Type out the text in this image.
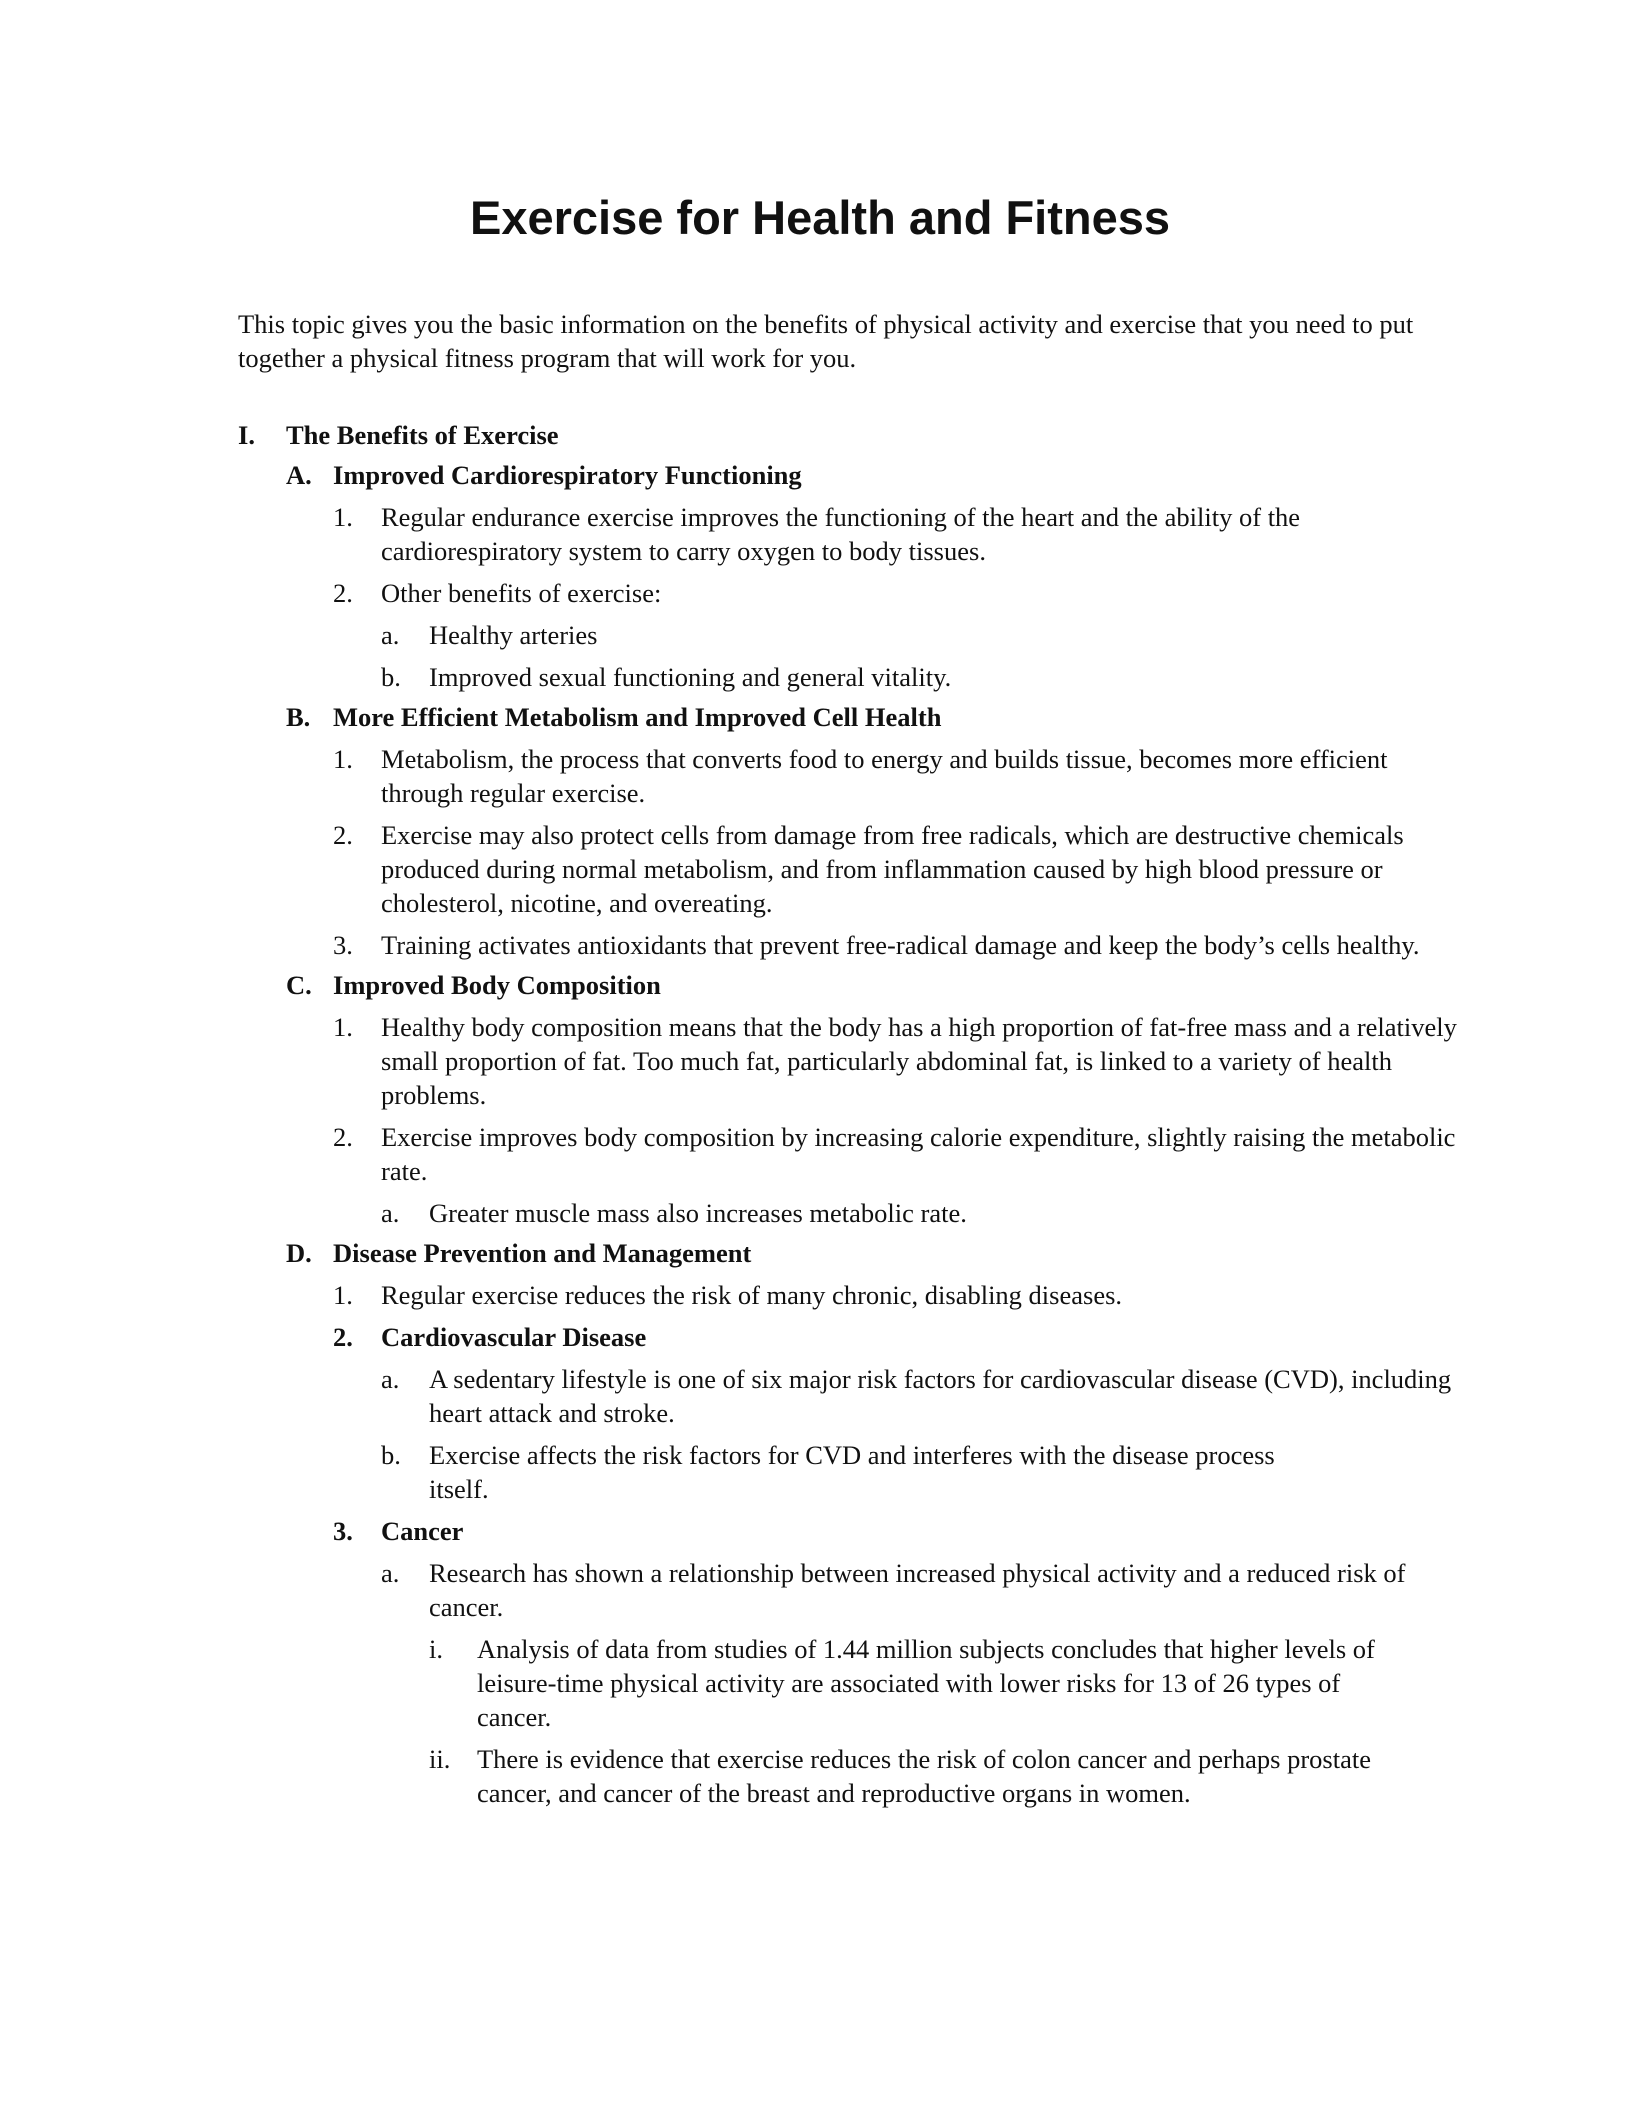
Exercise for Health and Fitness

This topic gives you the basic information on the benefits of physical activity and exercise that you need to put together a physical fitness program that will work for you.

I.	The Benefits of Exercise
A. Improved Cardiorespiratory Functioning
1.	Regular endurance exercise improves the functioning of the heart and the ability of the cardiorespiratory system to carry oxygen to body tissues.
2.	Other benefits of exercise:
a.	Healthy arteries
b.	Improved sexual functioning and general vitality.
B. More Efficient Metabolism and Improved Cell Health
1.	Metabolism, the process that converts food to energy and builds tissue, becomes more efficient through regular exercise.
2.	Exercise may also protect cells from damage from free radicals, which are destructive chemicals produced during normal metabolism, and from inflammation caused by high blood pressure or cholesterol, nicotine, and overeating.
3.	Training activates antioxidants that prevent free-radical damage and keep the body’s cells healthy.
C. Improved Body Composition
1.	Healthy body composition means that the body has a high proportion of fat-free mass and a relatively small proportion of fat. Too much fat, particularly abdominal fat, is linked to a variety of health problems.
2.	Exercise improves body composition by increasing calorie expenditure, slightly raising the metabolic rate.
a.	Greater muscle mass also increases metabolic rate.
D. Disease Prevention and Management
1.	Regular exercise reduces the risk of many chronic, disabling diseases.
2.	Cardiovascular Disease
a.	A sedentary lifestyle is one of six major risk factors for cardiovascular disease (CVD), including heart attack and stroke.
b.	Exercise affects the risk factors for CVD and interferes with the disease process itself.
3.	Cancer
a.	Research has shown a relationship between increased physical activity and a reduced risk of cancer.
i.	Analysis of data from studies of 1.44 million subjects concludes that higher levels of leisure-time physical activity are associated with lower risks for 13 of 26 types of cancer.
ii.	There is evidence that exercise reduces the risk of colon cancer and perhaps prostate cancer, and cancer of the breast and reproductive organs in women.
